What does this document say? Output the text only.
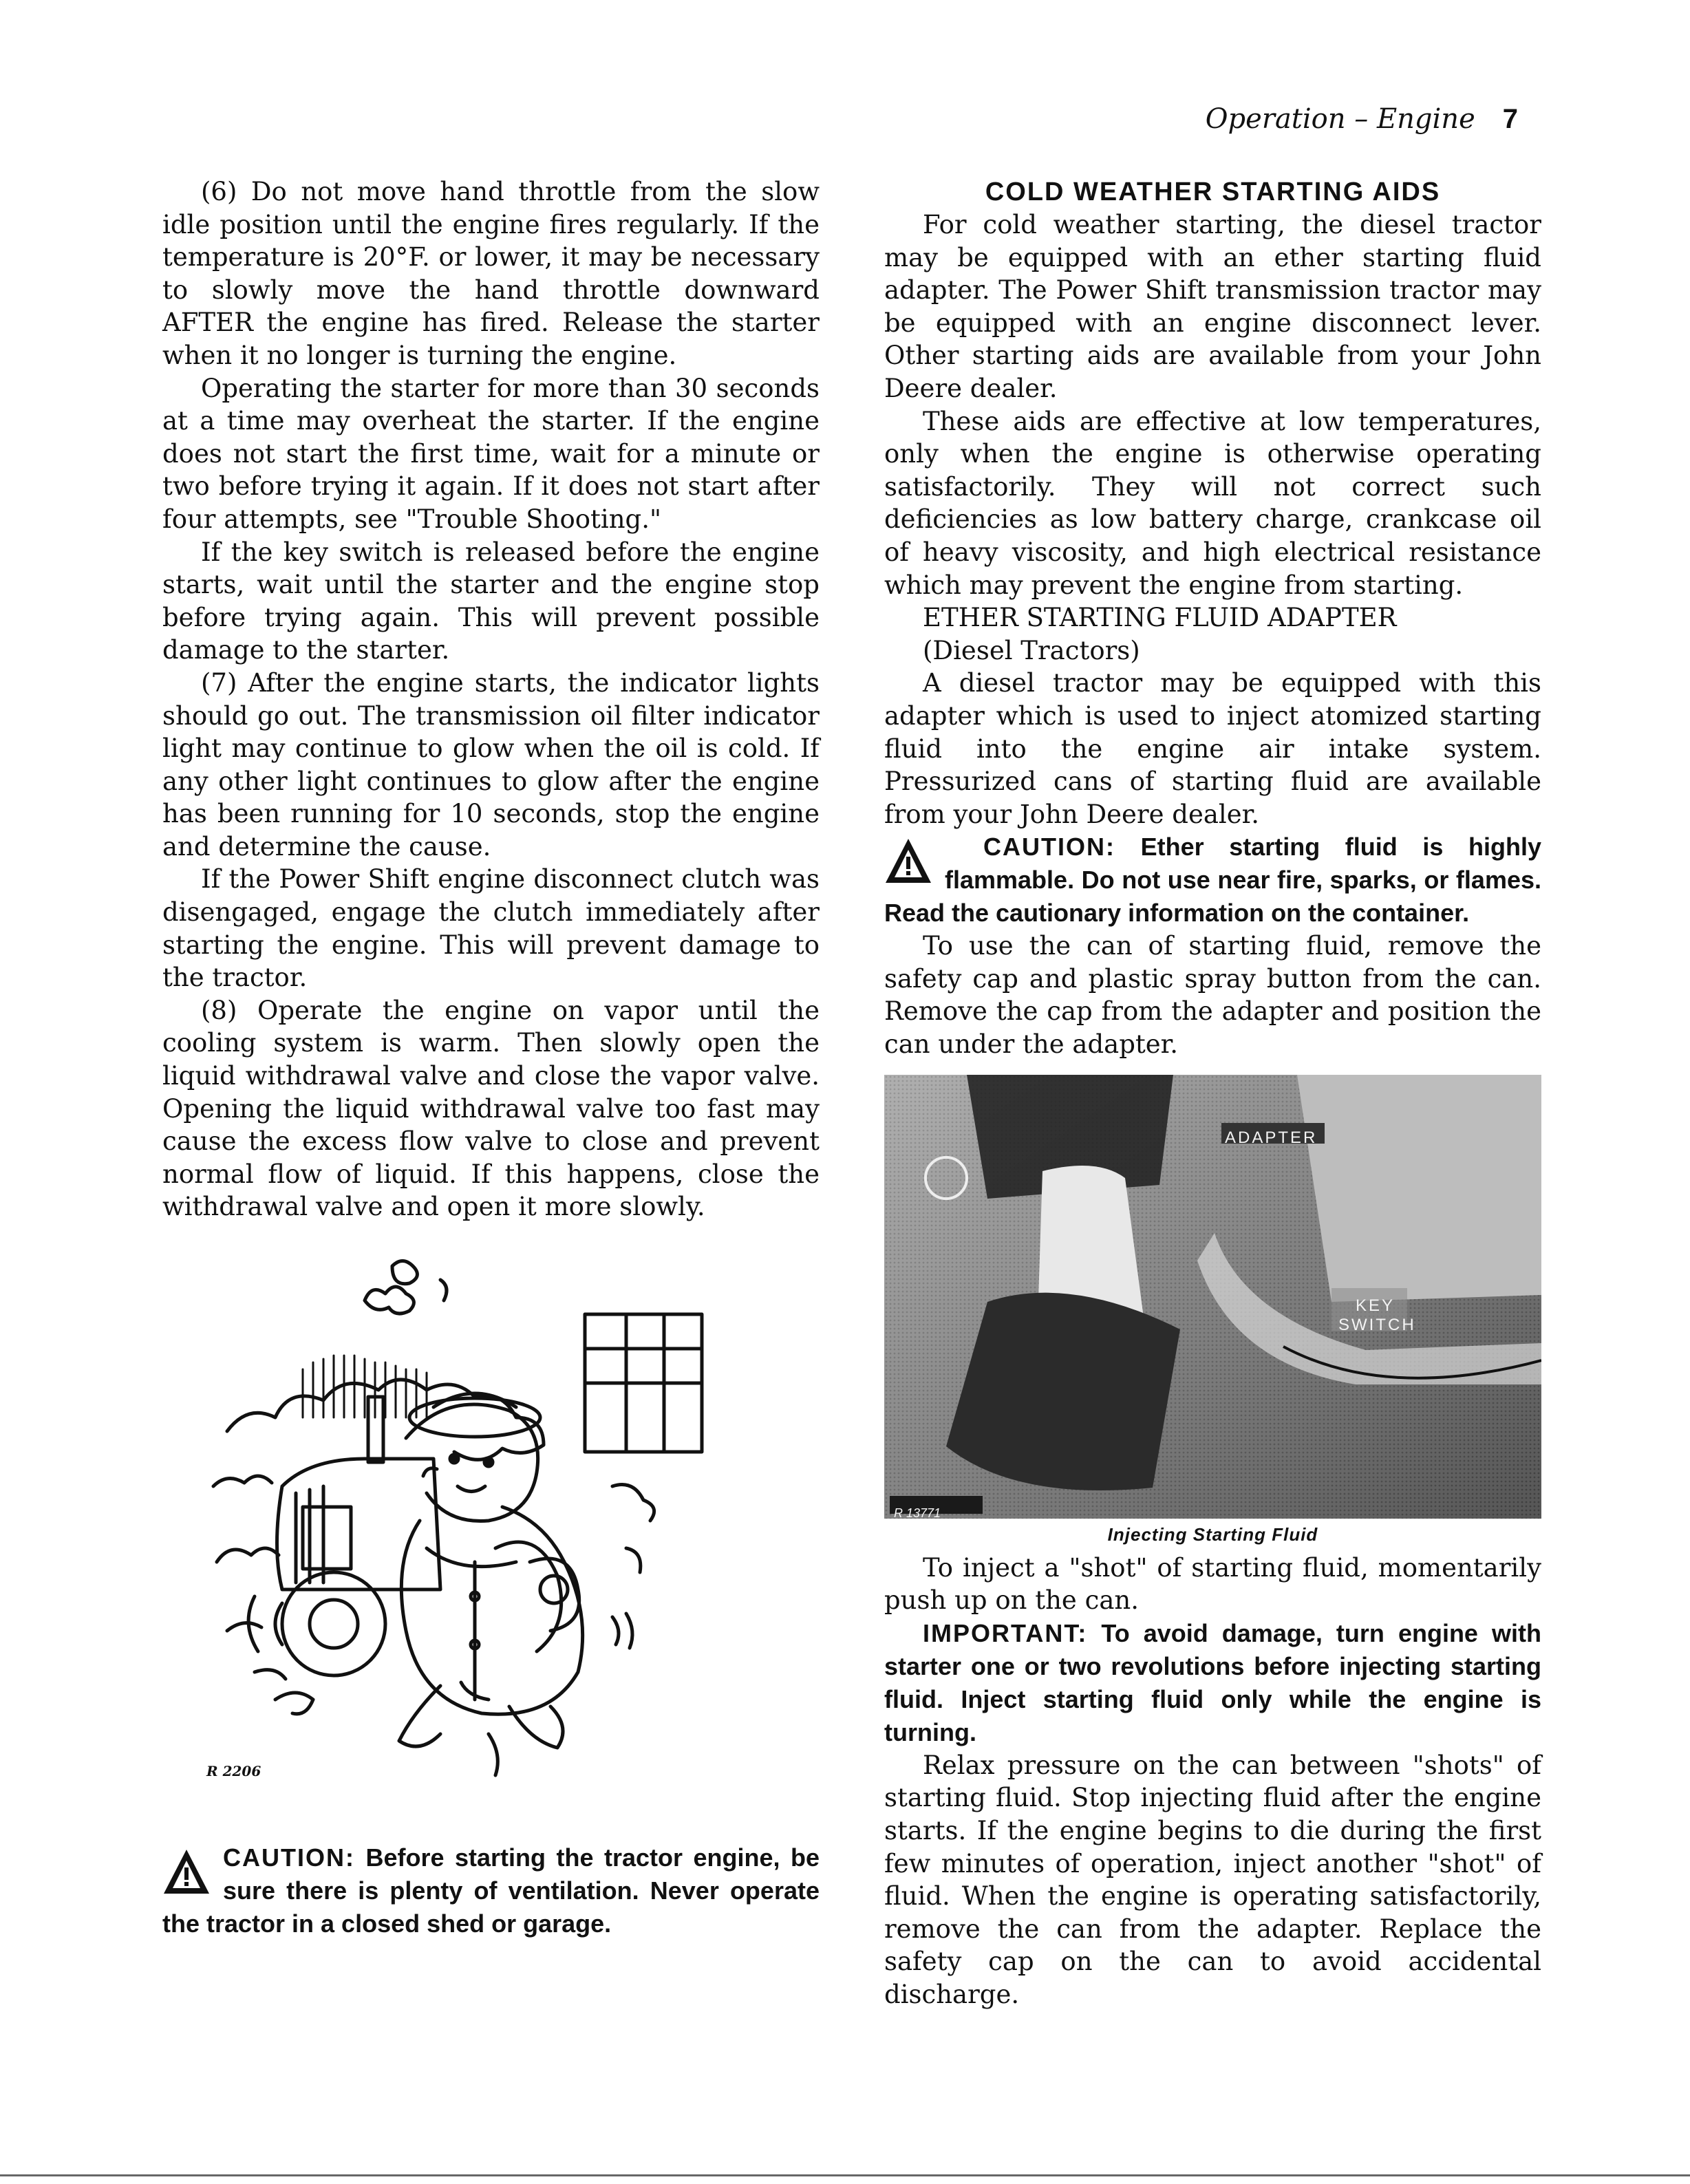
Operation – Engine 7

(6) Do not move hand throttle from the slow idle position until the engine fires regularly. If the temperature is 20°F. or lower, it may be necessary to slowly move the hand throttle downward AFTER the engine has fired. Release the starter when it no longer is turning the engine.

Operating the starter for more than 30 seconds at a time may overheat the starter. If the engine does not start the first time, wait for a minute or two before trying it again. If it does not start after four attempts, see "Trouble Shooting."

If the key switch is released before the engine starts, wait until the starter and the engine stop before trying again. This will prevent possible damage to the starter.

(7) After the engine starts, the indicator lights should go out. The transmission oil filter indicator light may continue to glow when the oil is cold. If any other light continues to glow after the engine has been running for 10 seconds, stop the engine and determine the cause.

If the Power Shift engine disconnect clutch was disengaged, engage the clutch immediately after starting the engine. This will prevent damage to the tractor.

(8) Operate the engine on vapor until the cooling system is warm. Then slowly open the liquid withdrawal valve and close the vapor valve. Opening the liquid withdrawal valve too fast may cause the excess flow valve to close and prevent normal flow of liquid. If this happens, close the withdrawal valve and open it more slowly.

R 2206

CAUTION: Before starting the tractor engine, be sure there is plenty of ventilation. Never operate the tractor in a closed shed or garage.

COLD WEATHER STARTING AIDS

For cold weather starting, the diesel tractor may be equipped with an ether starting fluid adapter. The Power Shift transmission tractor may be equipped with an engine disconnect lever. Other starting aids are available from your John Deere dealer.

These aids are effective at low temperatures, only when the engine is otherwise operating satisfactorily. They will not correct such deficiencies as low battery charge, crankcase oil of heavy viscosity, and high electrical resistance which may prevent the engine from starting.

ETHER STARTING FLUID ADAPTER

(Diesel Tractors)

A diesel tractor may be equipped with this adapter which is used to inject atomized starting fluid into the engine air intake system. Pressurized cans of starting fluid are available from your John Deere dealer.

CAUTION: Ether starting fluid is highly flammable. Do not use near fire, sparks, or flames. Read the cautionary information on the container.

To use the can of starting fluid, remove the safety cap and plastic spray button from the can. Remove the cap from the adapter and position the can under the adapter.

ADAPTER
KEY
SWITCH
R 13771
Injecting Starting Fluid

To inject a "shot" of starting fluid, momentarily push up on the can.

IMPORTANT: To avoid damage, turn engine with starter one or two revolutions before injecting starting fluid. Inject starting fluid only while the engine is turning.

Relax pressure on the can between "shots" of starting fluid. Stop injecting fluid after the engine starts. If the engine begins to die during the first few minutes of operation, inject another "shot" of fluid. When the engine is operating satisfactorily, remove the can from the adapter. Replace the safety cap on the can to avoid accidental discharge.
